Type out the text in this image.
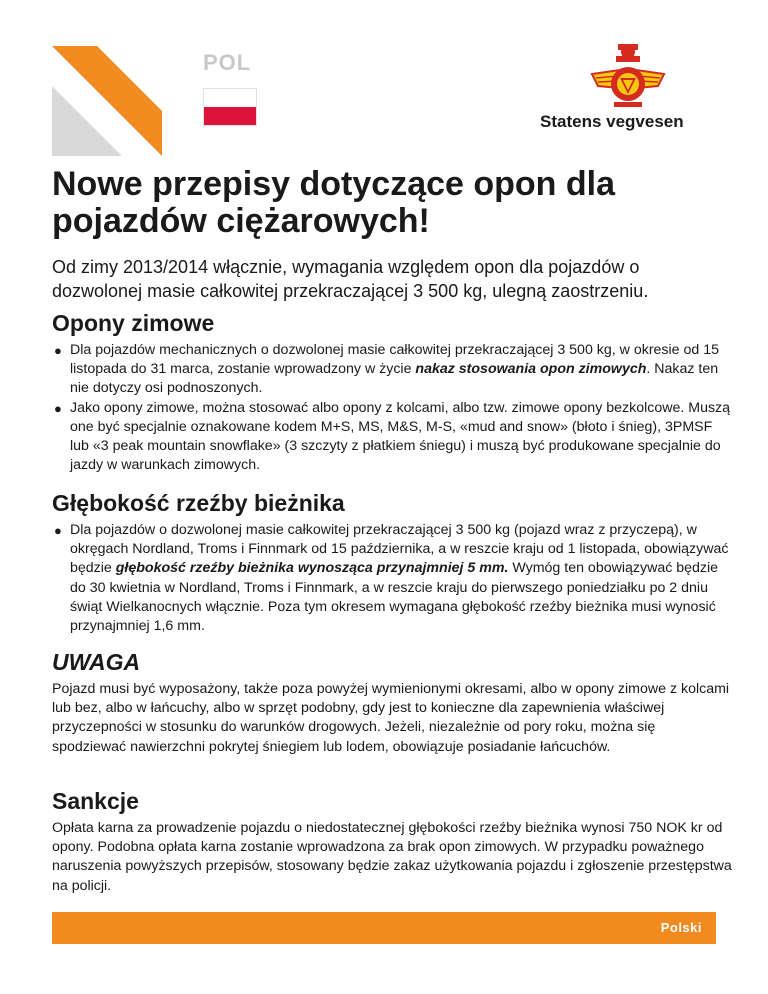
POL
Statens vegvesen
Nowe przepisy dotyczące opon dla pojazdów ciężarowych!

Od zimy 2013/2014 włącznie, wymagania względem opon dla pojazdów o dozwolonej masie całkowitej przekraczającej 3 500 kg, ulegną zaostrzeniu.

Opony zimowe
● Dla pojazdów mechanicznych o dozwolonej masie całkowitej przekraczającej 3 500 kg, w okresie od 15 listopada do 31 marca, zostanie wprowadzony w życie nakaz stosowania opon zimowych. Nakaz ten nie dotyczy osi podnoszonych.
● Jako opony zimowe, można stosować albo opony z kolcami, albo tzw. zimowe opony bezkolcowe. Muszą one być specjalnie oznakowane kodem M+S, MS, M&S, M-S, «mud and snow» (błoto i śnieg), 3PMSF lub «3 peak mountain snowflake» (3 szczyty z płatkiem śniegu) i muszą być produkowane specjalnie do jazdy w warunkach zimowych.
Głębokość rzeźby bieżnika
● Dla pojazdów o dozwolonej masie całkowitej przekraczającej 3 500 kg (pojazd wraz z przyczepą), w okręgach Nordland, Troms i Finnmark od 15 października, a w reszcie kraju od 1 listopada, obowiązywać będzie głębokość rzeźby bieżnika wynosząca przynajmniej 5 mm. Wymóg ten obowiązywać będzie do 30 kwietnia w Nordland, Troms i Finnmark, a w reszcie kraju do pierwszego poniedziałku po 2 dniu świąt Wielkanocnych włącznie. Poza tym okresem wymagana głębokość rzeźby bieżnika musi wynosić przynajmniej 1,6 mm.
UWAGA

Pojazd musi być wyposażony, także poza powyżej wymienionymi okresami, albo w opony zimowe z kolcami lub bez, albo w łańcuchy, albo w sprzęt podobny, gdy jest to konieczne dla zapewnienia właściwej przyczepności w stosunku do warunków drogowych. Jeżeli, niezależnie od pory roku, można się spodziewać nawierzchni pokrytej śniegiem lub lodem, obowiązuje posiadanie łańcuchów.

Sankcje

Opłata karna za prowadzenie pojazdu o niedostatecznej głębokości rzeźby bieżnika wynosi 750 NOK kr od opony. Podobna opłata karna zostanie wprowadzona za brak opon zimowych. W przypadku poważnego naruszenia powyższych przepisów, stosowany będzie zakaz użytkowania pojazdu i zgłoszenie przestępstwa na policji.

Polski
